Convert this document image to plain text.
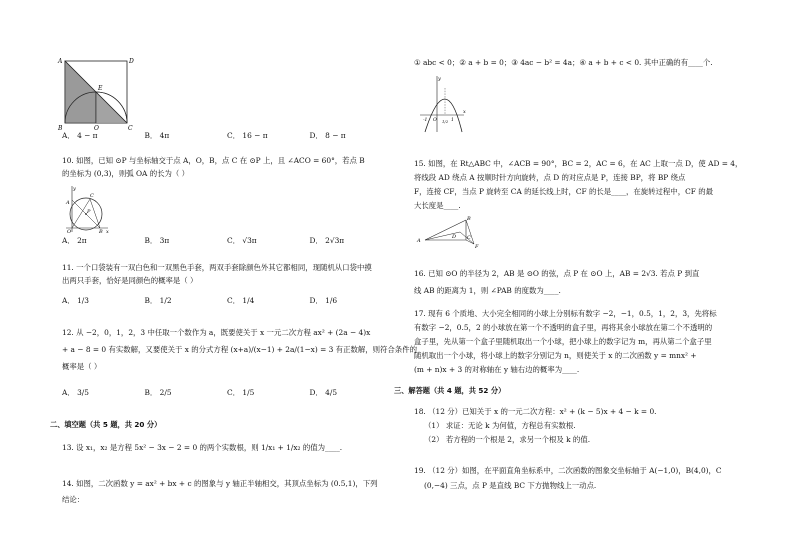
A	D
E
B	O	C
A． 4 − π	B． 4π	C． 16 − π	D． 8 − π
10. 如图，已知 ⊙P 与坐标轴交于点 A，O，B，点 C 在 ⊙P 上，且 ∠ACO = 60°，若点 B
的坐标为 (0,3)，则弧 OA 的长为（ ）
y
C
P
A
O	B x
A． 2π	B． 3π	C． √3π	D． 2√3π
11. 一个口袋装有一双白色和一双黑色手套，两双手套除颜色外其它都相同，现随机从口袋中摸
出两只手套，恰好是同颜色的概率是（ ）
A． 1/3	B． 1/2	C． 1/4	D． 1/6
12. 从 −2，0，1，2，3 中任取一个数作为 a，既要使关于 x 一元二次方程 ax² + (2a − 4)x
+ a − 8 = 0 有实数解，又要使关于 x 的分式方程 (x+a)/(x−1) + 2a/(1−x) = 3 有正数解，则符合条件的
概率是（ ）
A． 3/5	B． 2/5	C． 1/5	D． 4/5
二、填空题（共 5 题，共 20 分）
13. 设 x₁，x₂ 是方程 5x² − 3x − 2 = 0 的两个实数根，则 1/x₁ + 1/x₂ 的值为____.
14. 如图，二次函数 y = ax² + bx + c 的图象与 y 轴正半轴相交，其顶点坐标为 (0.5,1)，下列
结论：
① abc < 0；② a + b = 0；③ 4ac − b² = 4a；④ a + b + c < 0. 其中正确的有____个.
y
x
-1 O	1
1/2
15. 如图，在 Rt△ABC 中，∠ACB = 90°，BC = 2，AC = 6，在 AC 上取一点 D，使 AD = 4，
将线段 AD 绕点 A 按顺时针方向旋转，点 D 的对应点是 P，连接 BP，将 BP 绕点
F，连接 CF，当点 P 旋转至 CA 的延长线上时，CF 的长是____，在旋转过程中，CF 的最
大长度是____.
A
D C
F
B
16. 已知 ⊙O 的半径为 2，AB 是 ⊙O 的弦，点 P 在 ⊙O 上，AB = 2√3. 若点 P 到直
线 AB 的距离为 1，则 ∠PAB 的度数为____.
17. 现有 6 个质地、大小完全相同的小球上分别标有数字 −2，−1，0.5，1，2，3，先将标
有数字 −2，0.5，2 的小球放在第一个不透明的盒子里，再将其余小球放在第二个不透明的
盒子里，先从第一个盒子里随机取出一个小球，把小球上的数字记为 m，再从第二个盒子里
随机取出一个小球，将小球上的数字分别记为 n，则使关于 x 的二次函数 y = mnx² +
(m + n)x + 3 的对称轴在 y 轴右边的概率为____.
三、解答题（共 4 题，共 52 分）
18. （12 分）已知关于 x 的一元二次方程：x² + (k − 5)x + 4 − k = 0.
（1） 求证：无论 k 为何值，方程总有实数根.
（2） 若方程的一个根是 2，求另一个根及 k 的值.
19. （12 分）如图，在平面直角坐标系中，二次函数的图象交坐标轴于 A(−1,0)，B(4,0)，C
(0,−4) 三点，点 P 是直线 BC 下方抛物线上一动点.
